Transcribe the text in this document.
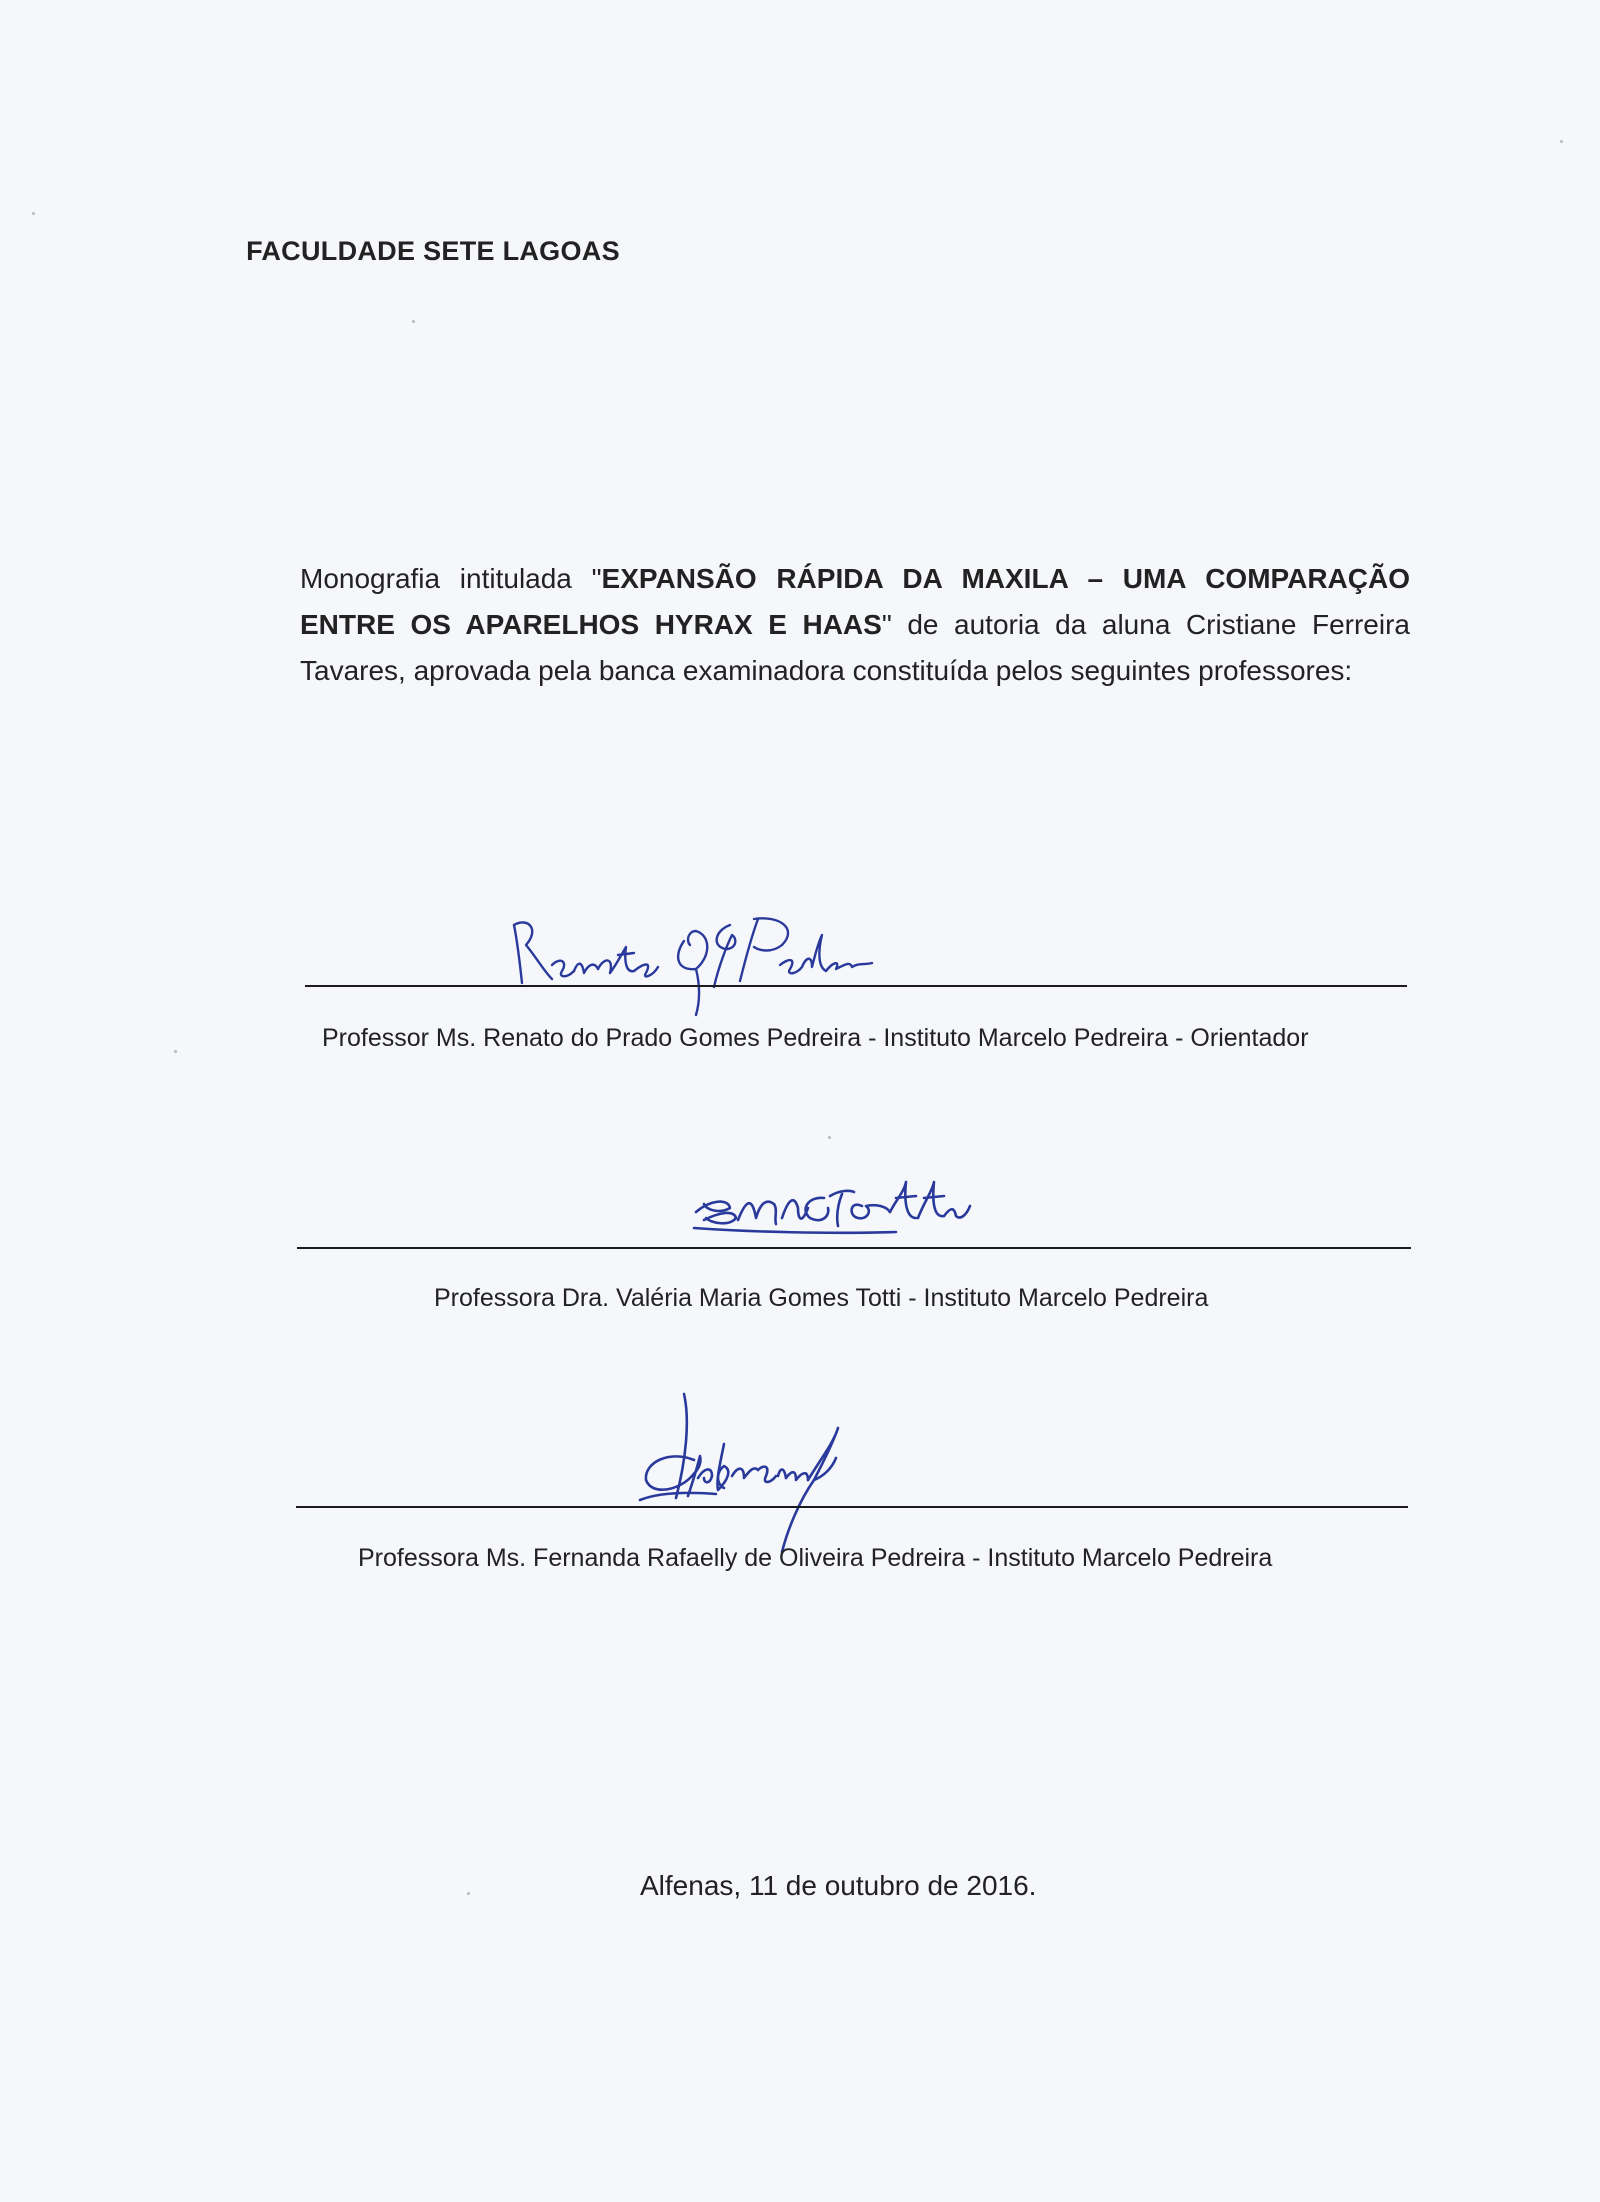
FACULDADE SETE LAGOAS

Monografia intitulada "EXPANSÃO RÁPIDA DA MAXILA – UMA COMPARAÇÃO ENTRE OS APARELHOS HYRAX E HAAS" de autoria da aluna Cristiane Ferreira Tavares, aprovada pela banca examinadora constituída pelos seguintes professores:

Professor Ms. Renato do Prado Gomes Pedreira - Instituto Marcelo Pedreira - Orientador
Professora Dra. Valéria Maria Gomes Totti - Instituto Marcelo Pedreira
Professora Ms. Fernanda Rafaelly de Oliveira Pedreira - Instituto Marcelo Pedreira
Alfenas, 11 de outubro de 2016.
